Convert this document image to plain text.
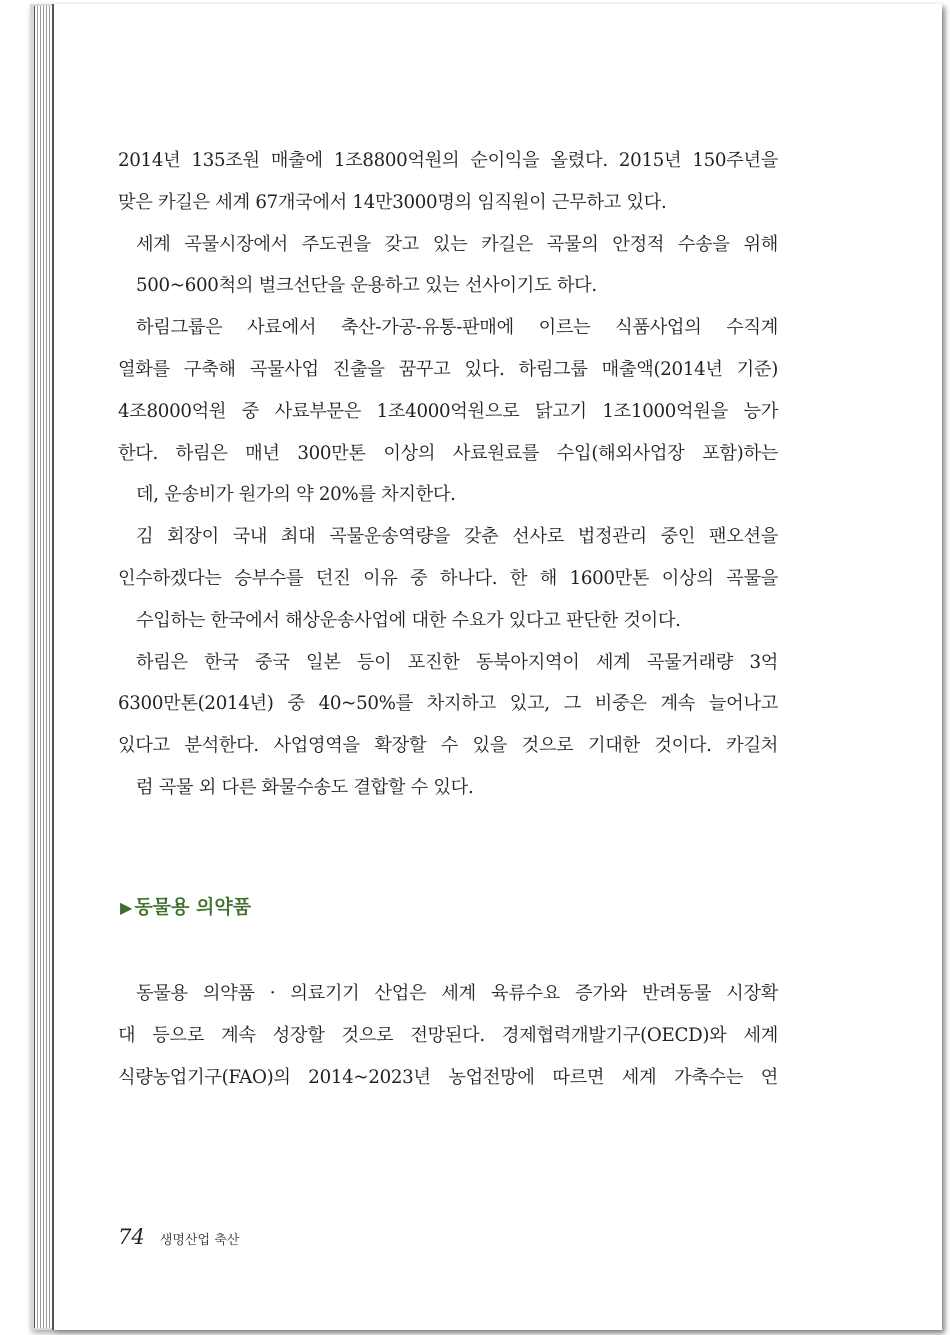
2014년 135조원 매출에 1조8800억원의 순이익을 올렸다. 2015년 150주년을
맞은 카길은 세계 67개국에서 14만3000명의 임직원이 근무하고 있다.

세계 곡물시장에서 주도권을 갖고 있는 카길은 곡물의 안정적 수송을 위해
500~600척의 벌크선단을 운용하고 있는 선사이기도 하다.

하림그룹은 사료에서 축산-가공-유통-판매에 이르는 식품사업의 수직계
열화를 구축해 곡물사업 진출을 꿈꾸고 있다. 하림그룹 매출액(2014년 기준)
4조8000억원 중 사료부문은 1조4000억원으로 닭고기 1조1000억원을 능가
한다. 하림은 매년 300만톤 이상의 사료원료를 수입(해외사업장 포함)하는
데, 운송비가 원가의 약 20%를 차지한다.

김 회장이 국내 최대 곡물운송역량을 갖춘 선사로 법정관리 중인 팬오션을
인수하겠다는 승부수를 던진 이유 중 하나다. 한 해 1600만톤 이상의 곡물을
수입하는 한국에서 해상운송사업에 대한 수요가 있다고 판단한 것이다.

하림은 한국 중국 일본 등이 포진한 동북아지역이 세계 곡물거래량 3억
6300만톤(2014년) 중 40~50%를 차지하고 있고, 그 비중은 계속 늘어나고
있다고 분석한다. 사업영역을 확장할 수 있을 것으로 기대한 것이다. 카길처
럼 곡물 외 다른 화물수송도 결합할 수 있다.

▶ 동물용 의약품

동물용 의약품 · 의료기기 산업은 세계 육류수요 증가와 반려동물 시장확
대 등으로 계속 성장할 것으로 전망된다. 경제협력개발기구(OECD)와 세계
식량농업기구(FAO)의 2014~2023년 농업전망에 따르면 세계 가축수는 연

74 생명산업 축산
